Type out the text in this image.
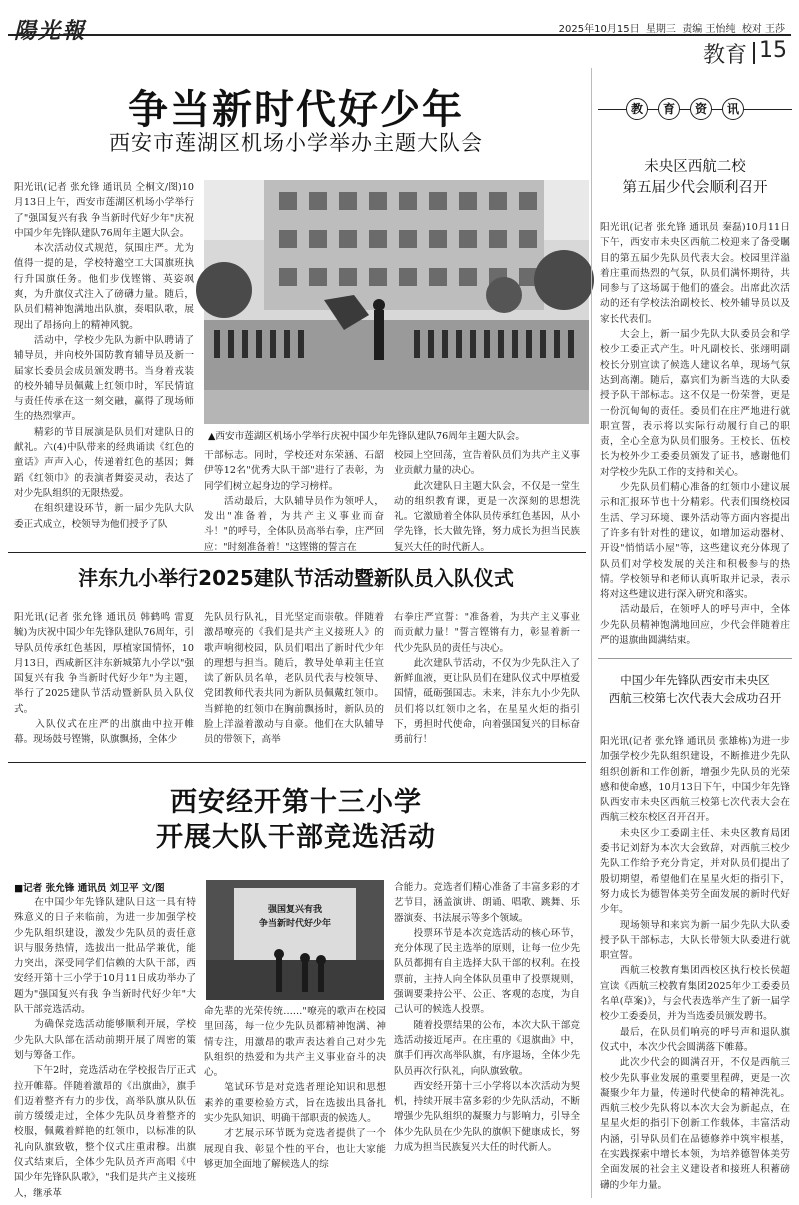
陽光報	2025年10月15日  星期三  责编 王怡纯  校对 王莎
教育 15
争当新时代好少年
西安市莲湖区机场小学举办主题大队会
阳光讯(记者 张允锋 通讯员 仝桐文/图)10月13日上午，西安市莲湖区机场小学举行了"强国复兴有我 争当新时代好少年"庆祝中国少年先锋队建队76周年主题大队会。
　　本次活动仪式规范，氛围庄严。尤为值得一提的是，学校特邀空工大国旗班执行升国旗任务。他们步伐铿锵、英姿飒爽，为升旗仪式注入了磅礴力量。随后，队员们精神饱满地出队旗，奏唱队歌，展现出了昂扬向上的精神风貌。
　　活动中，学校少先队为新中队聘请了辅导员，并向校外国防教育辅导员及新一届家长委员会成员颁发聘书。当身着戎装的校外辅导员佩戴上红领巾时，军民情谊与责任传承在这一刻交融，赢得了现场师生的热烈掌声。
　　精彩的节目展演是队员们对建队日的献礼。六(4)中队带来的经典诵读《红色的童话》声声入心，传递着红色的基因；舞蹈《红领巾》的表演者舞姿灵动，表达了对少先队组织的无限热爱。
　　在组织建设环节，新一届少先队大队委正式成立，校领导为他们授予了队
▲西安市莲湖区机场小学举行庆祝中国少年先锋队建队76周年主题大队会。
干部标志。同时，学校还对东荣涵、石韶伊等12名"优秀大队干部"进行了表彰，为同学们树立起身边的学习榜样。
　　活动最后，大队辅导员作为领呼人，发出"准备着，为共产主义事业而奋斗！"的呼号，全体队员高举右拳，庄严回应："时刻准备着！"这铿锵的誓言在
校园上空回荡，宣告着队员们为共产主义事业贡献力量的决心。
　　此次建队日主题大队会，不仅是一堂生动的组织教育课，更是一次深刻的思想洗礼。它激励着全体队员传承红色基因，从小学先锋，长大做先锋，努力成长为担当民族复兴大任的时代新人。
沣东九小举行2025建队节活动暨新队员入队仪式
阳光讯(记者 张允锋 通讯员 韩鹤鸣 雷夏毓)为庆祝中国少年先锋队建队76周年，引导队员传承红色基因，厚植家国情怀，10月13日，西咸新区沣东新城第九小学以"强国复兴有我 争当新时代好少年"为主题，举行了2025建队节活动暨新队员入队仪式。
　　入队仪式在庄严的出旗曲中拉开帷幕。现场鼓号铿锵，队旗飘扬，全体少
先队员行队礼，目光坚定而崇敬。伴随着激昂嘹亮的《我们是共产主义接班人》的歌声响彻校园，队员们唱出了新时代少年的理想与担当。随后，教导处单莉主任宣读了新队员名单，老队员代表与校领导、党团教师代表共同为新队员佩戴红领巾。当鲜艳的红领巾在胸前飘扬时，新队员的脸上洋溢着激动与自豪。他们在大队辅导员的带领下，高举
右拳庄严宣誓："准备着，为共产主义事业而贡献力量！"誓言铿锵有力，彰显着新一代少先队员的责任与决心。
　　此次建队节活动，不仅为少先队注入了新鲜血液，更让队员们在建队仪式中厚植爱国情，砥砺强国志。未来，沣东九小少先队员们将以红领巾之名，在星星火炬的指引下，勇担时代使命，向着强国复兴的目标奋勇前行！
西安经开第十三小学
开展大队干部竞选活动
■记者 张允锋 通讯员 刘卫平 文/图
　　在中国少年先锋队建队日这一具有特殊意义的日子来临前，为进一步加强学校少先队组织建设，激发少先队员的责任意识与服务热情，选拔出一批品学兼优，能力突出，深受同学们信赖的大队干部，西安经开第十三小学于10月11日成功举办了题为"强国复兴有我 争当新时代好少年"大队干部竞选活动。
　　为确保竞选活动能够顺利开展，学校少先队大队部在活动前期开展了周密的策划与筹备工作。
　　下午2时，竞选活动在学校报告厅正式拉开帷幕。伴随着激昂的《出旗曲》，旗手们迈着整齐有力的步伐，高举队旗从队伍前方缓缓走过，全体少先队员身着整齐的校服，佩戴着鲜艳的红领巾，以标准的队礼向队旗致敬，整个仪式庄重肃穆。出旗仪式结束后，全体少先队员齐声高唱《中国少年先锋队队歌》，"我们是共产主义接班人，继承革
强国复兴有我
争当新时代好少年
命先辈的光荣传统……"嘹亮的歌声在校园里回荡，每一位少先队员都精神饱满、神情专注，用激昂的歌声表达着自己对少先队组织的热爱和为共产主义事业奋斗的决心。
　　笔试环节是对竞选者理论知识和思想素养的重要检验方式，旨在选拔出具备扎实少先队知识、明确干部职责的候选人。
　　才艺展示环节既为竞选者提供了一个展现自我、彰显个性的平台，也让大家能够更加全面地了解候选人的综
合能力。竞选者们精心准备了丰富多彩的才艺节目，涵盖演讲、朗诵、唱歌、跳舞、乐器演奏、书法展示等多个领域。
　　投票环节是本次竞选活动的核心环节，充分体现了民主选举的原则，让每一位少先队员都拥有自主选择大队干部的权利。在投票前，主持人向全体队员重申了投票规则，强调要秉持公平、公正、客观的态度，为自己认可的候选人投票。
　　随着投票结果的公布，本次大队干部竞选活动接近尾声。在庄重的《退旗曲》中，旗手们再次高举队旗，有序退场，全体少先队员再次行队礼，向队旗致敬。
　　西安经开第十三小学将以本次活动为契机，持续开展丰富多彩的少先队活动，不断增强少先队组织的凝聚力与影响力，引导全体少先队员在少先队的旗帜下健康成长，努力成为担当民族复兴大任的时代新人。
教	育	资	讯
未央区西航二校
第五届少代会顺利召开
阳光讯(记者 张允锋 通讯员 秦磊)10月11日下午，西安市未央区西航二校迎来了备受瞩目的第五届少先队员代表大会。校园里洋溢着庄重而热烈的气氛，队员们满怀期待，共同参与了这场属于他们的盛会。出席此次活动的还有学校法治副校长、校外辅导员以及家长代表们。
　　大会上，新一届少先队大队委员会和学校少工委正式产生。叶凡副校长、张翊明副校长分别宣读了候选人建议名单，现场气氛达到高潮。随后，嘉宾们为新当选的大队委授予队干部标志。这不仅是一份荣誉，更是一份沉甸甸的责任。委员们在庄严地进行就职宣誓，表示将以实际行动履行自己的职责，全心全意为队员们服务。王校长、伍校长为校外少工委委员颁发了证书，感谢他们对学校少先队工作的支持和关心。
　　少先队员们精心准备的红领巾小建议展示和汇报环节也十分精彩。代表们围绕校园生活、学习环境、课外活动等方面内容提出了许多有针对性的建议，如增加运动器材、开设"悄悄话小屋"等，这些建议充分体现了队员们对学校发展的关注和积极参与的热情。学校领导和老师认真听取并记录，表示将对这些建议进行深入研究和落实。
　　活动最后，在领呼人的呼号声中，全体少先队员精神饱满地回应，少代会伴随着庄严的退旗曲圆满结束。
中国少年先锋队西安市未央区
西航三校第七次代表大会成功召开
阳光讯(记者 张允锋 通讯员 张雄栋)为进一步加强学校少先队组织建设，不断推进少先队组织创新和工作创新，增强少先队员的光荣感和使命感，10月13日下午，中国少年先锋队西安市未央区西航三校第七次代表大会在西航三校东校区召开召开。
　　未央区少工委副主任、未央区教育局团委书记刘舒为本次大会致辞，对西航三校少先队工作给予充分肯定，并对队员们提出了殷切期望，希望他们在星星火炬的指引下，努力成长为德智体美劳全面发展的新时代好少年。
　　现场领导和来宾为新一届少先队大队委授予队干部标志，大队长带领大队委进行就职宣誓。
　　西航三校教育集团西校区执行校长侯超宣读《西航三校教育集团2025年少工委委员名单(草案)》，与会代表选举产生了新一届学校少工委委员，并为当选委员颁发聘书。
　　最后，在队员们响亮的呼号声和退队旗仪式中，本次少代会圆满落下帷幕。
　　此次少代会的圆满召开，不仅是西航三校少先队事业发展的重要里程碑，更是一次凝聚少年力量，传递时代使命的精神洗礼。西航三校少先队将以本次大会为新起点，在星星火炬的指引下创新工作载体，丰富活动内涵，引导队员们在品德修养中筑牢根基，在实践探索中增长本领，为培养德智体美劳全面发展的社会主义建设者和接班人积蓄磅礴的少年力量。
